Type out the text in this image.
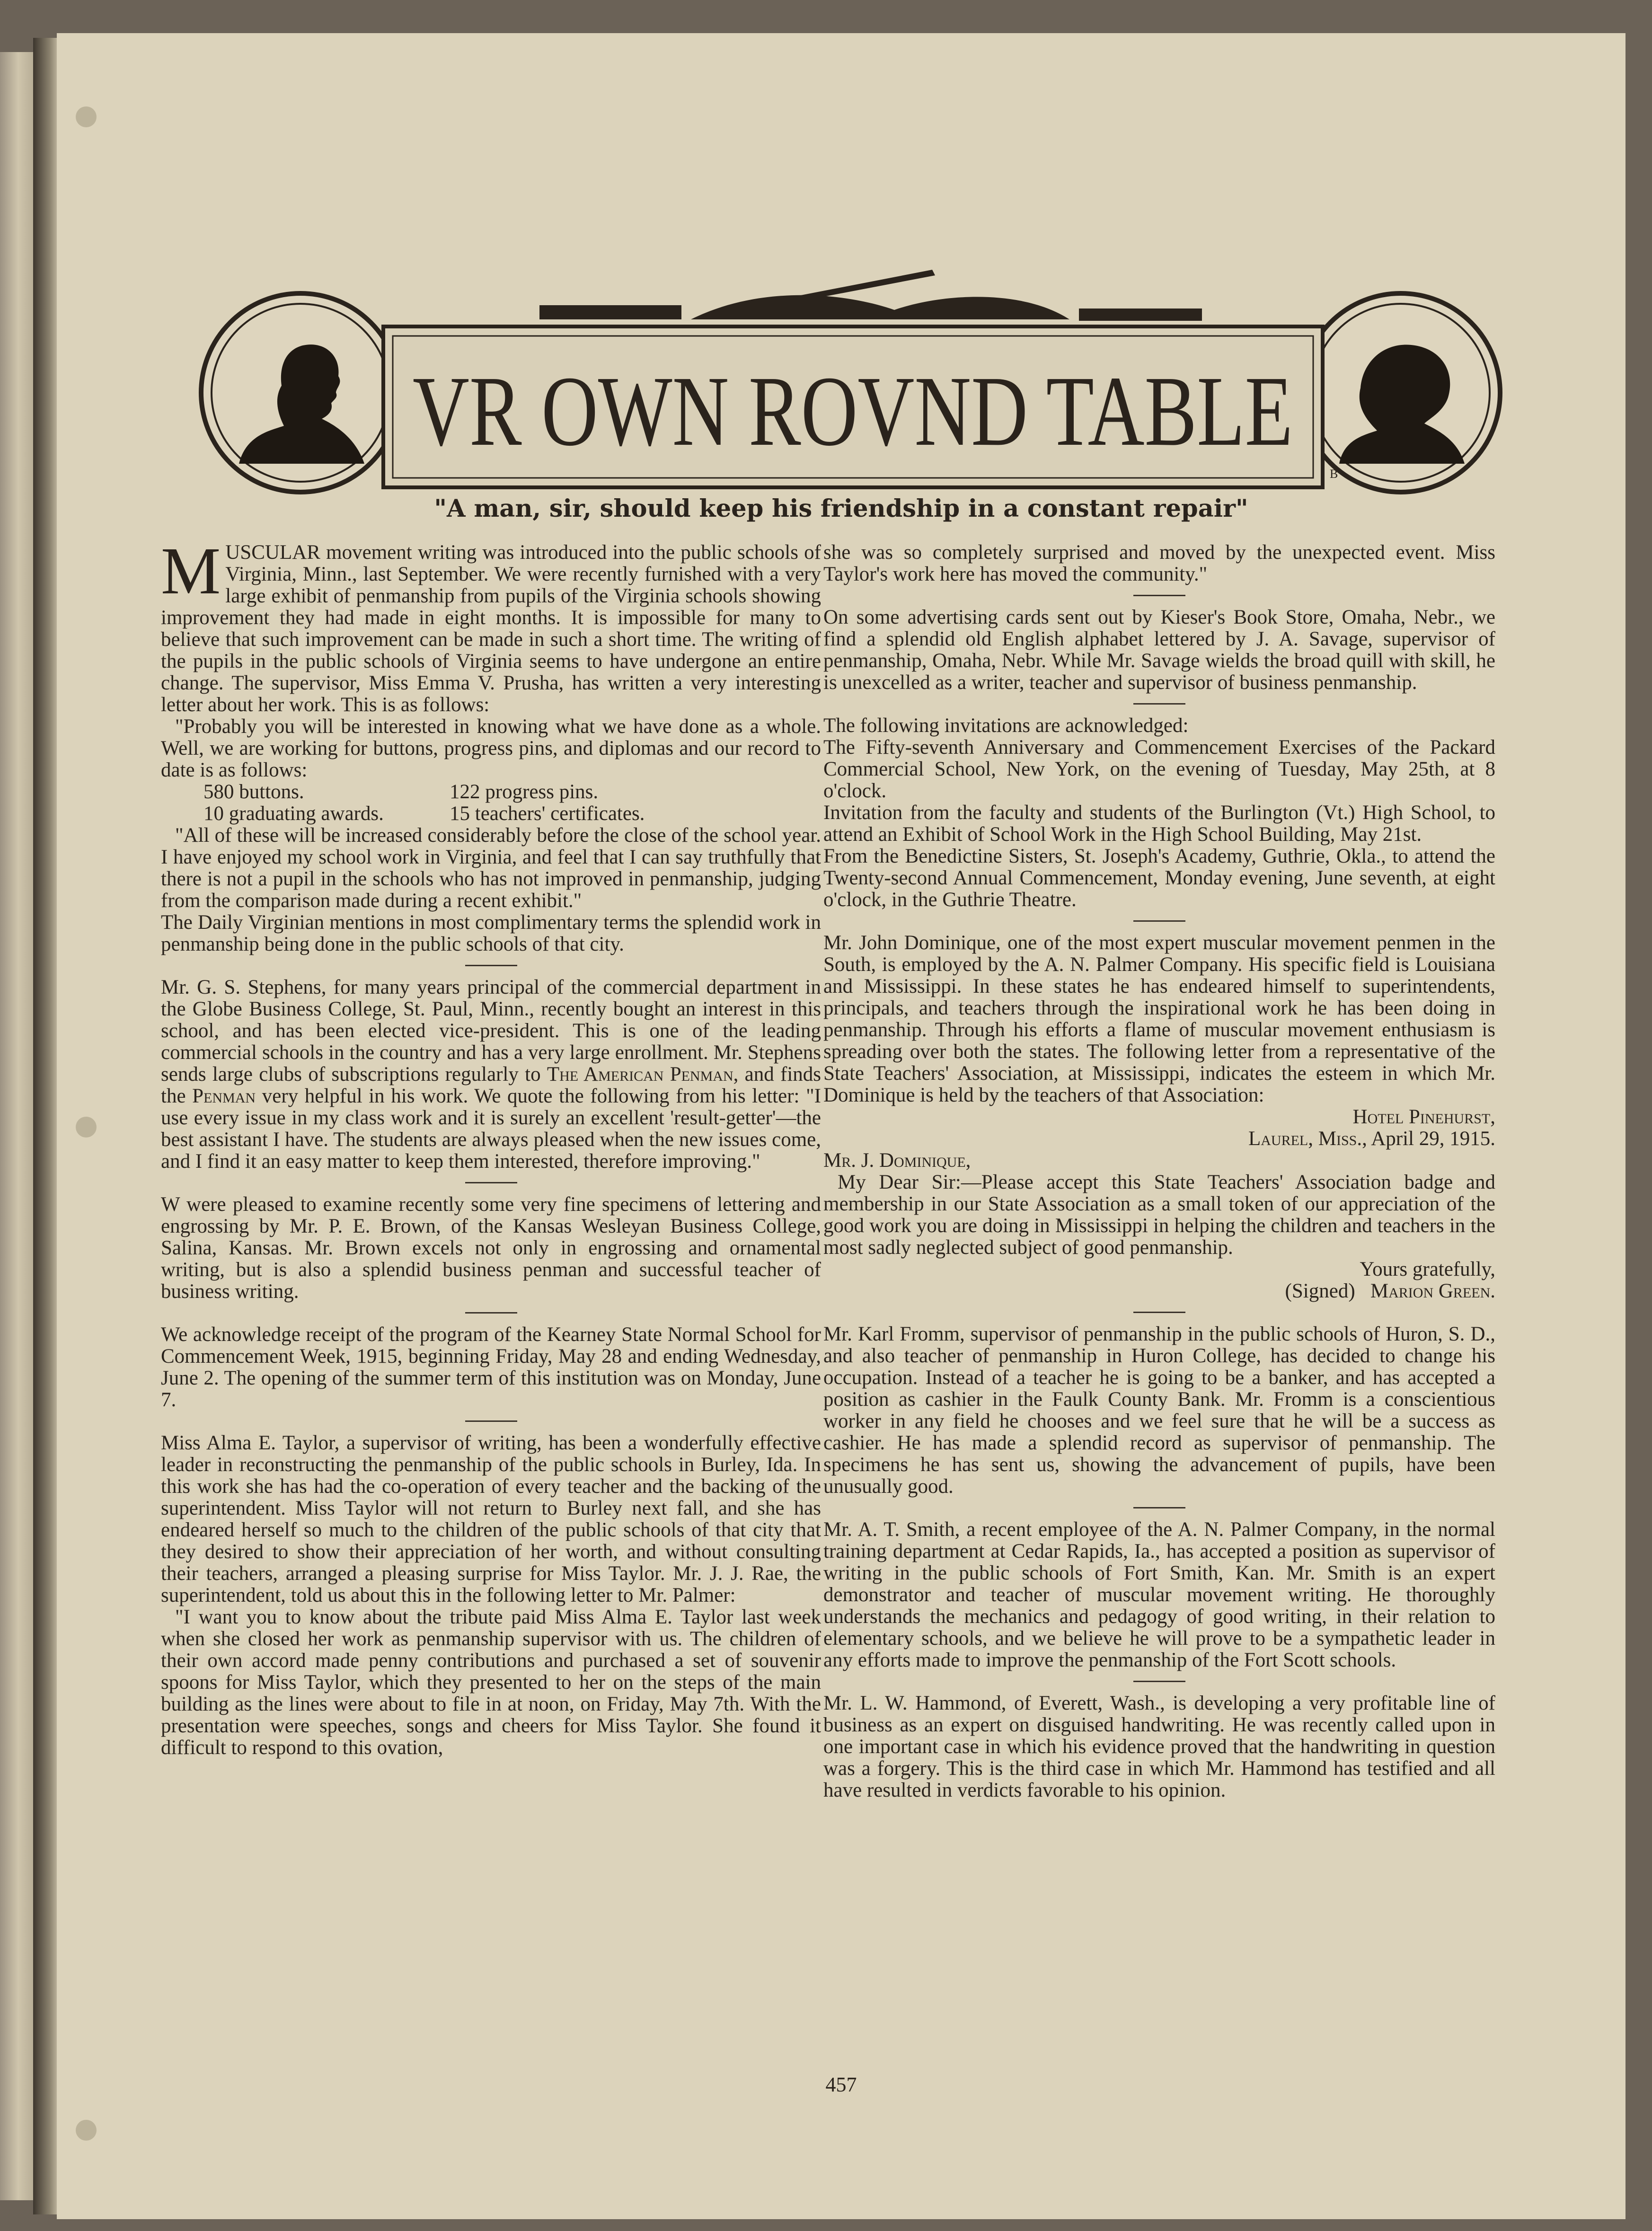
VR OWN ROVND TABLE
B
"A man, sir, should keep his friendship in a constant repair"

MUSCULAR movement writing was introduced into the public schools of Virginia, Minn., last September. We were recently furnished with a very large exhibit of penmanship from pupils of the Virginia schools showing improvement they had made in eight months. It is impossible for many to believe that such improvement can be made in such a short time. The writing of the pupils in the public schools of Virginia seems to have undergone an entire change. The supervisor, Miss Emma V. Prusha, has written a very interesting letter about her work. This is as follows:

"Probably you will be interested in knowing what we have done as a whole. Well, we are working for buttons, progress pins, and diplomas and our record to date is as follows:

580 buttons.	122 progress pins.
10 graduating awards.	15 teachers' certificates.

"All of these will be increased considerably before the close of the school year. I have enjoyed my school work in Virginia, and feel that I can say truthfully that there is not a pupil in the schools who has not improved in penmanship, judging from the comparison made during a recent exhibit."

The Daily Virginian mentions in most complimentary terms the splendid work in penmanship being done in the public schools of that city.

Mr. G. S. Stephens, for many years principal of the commercial department in the Globe Business College, St. Paul, Minn., recently bought an interest in this school, and has been elected vice-president. This is one of the leading commercial schools in the country and has a very large enrollment. Mr. Stephens sends large clubs of subscriptions regularly to The American Penman, and finds the Penman very helpful in his work. We quote the following from his letter: "I use every issue in my class work and it is surely an excellent 'result-getter'—the best assistant I have. The students are always pleased when the new issues come, and I find it an easy matter to keep them interested, therefore improving."

W were pleased to examine recently some very fine specimens of lettering and engrossing by Mr. P. E. Brown, of the Kansas Wesleyan Business College, Salina, Kansas. Mr. Brown excels not only in engrossing and ornamental writing, but is also a splendid business penman and successful teacher of business writing.

We acknowledge receipt of the program of the Kearney State Normal School for Commencement Week, 1915, beginning Friday, May 28 and ending Wednesday, June 2. The opening of the summer term of this institution was on Monday, June 7.

Miss Alma E. Taylor, a supervisor of writing, has been a wonderfully effective leader in reconstructing the penmanship of the public schools in Burley, Ida. In this work she has had the co-operation of every teacher and the backing of the superintendent. Miss Taylor will not return to Burley next fall, and she has endeared herself so much to the children of the public schools of that city that they desired to show their appreciation of her worth, and without consulting their teachers, arranged a pleasing surprise for Miss Taylor. Mr. J. J. Rae, the superintendent, told us about this in the following letter to Mr. Palmer:

"I want you to know about the tribute paid Miss Alma E. Taylor last week when she closed her work as penmanship supervisor with us. The children of their own accord made penny contributions and purchased a set of souvenir spoons for Miss Taylor, which they presented to her on the steps of the main building as the lines were about to file in at noon, on Friday, May 7th. With the presentation were speeches, songs and cheers for Miss Taylor. She found it difficult to respond to this ovation,

she was so completely surprised and moved by the unexpected event. Miss Taylor's work here has moved the community."

On some advertising cards sent out by Kieser's Book Store, Omaha, Nebr., we find a splendid old English alphabet lettered by J. A. Savage, supervisor of penmanship, Omaha, Nebr. While Mr. Savage wields the broad quill with skill, he is unexcelled as a writer, teacher and supervisor of business penmanship.

The following invitations are acknowledged:

The Fifty-seventh Anniversary and Commencement Exercises of the Packard Commercial School, New York, on the evening of Tuesday, May 25th, at 8 o'clock.

Invitation from the faculty and students of the Burlington (Vt.) High School, to attend an Exhibit of School Work in the High School Building, May 21st.

From the Benedictine Sisters, St. Joseph's Academy, Guthrie, Okla., to attend the Twenty-second Annual Commencement, Monday evening, June seventh, at eight o'clock, in the Guthrie Theatre.

Mr. John Dominique, one of the most expert muscular movement penmen in the South, is employed by the A. N. Palmer Company. His specific field is Louisiana and Mississippi. In these states he has endeared himself to superintendents, principals, and teachers through the inspirational work he has been doing in penmanship. Through his efforts a flame of muscular movement enthusiasm is spreading over both the states. The following letter from a representative of the State Teachers' Association, at Mississippi, indicates the esteem in which Mr. Dominique is held by the teachers of that Association:

Hotel Pinehurst,

Laurel, Miss., April 29, 1915.

Mr. J. Dominique,

My Dear Sir:—Please accept this State Teachers' Association badge and membership in our State Association as a small token of our appreciation of the good work you are doing in Mississippi in helping the children and teachers in the most sadly neglected subject of good penmanship.

Yours gratefully,

(Signed) Marion Green.

Mr. Karl Fromm, supervisor of penmanship in the public schools of Huron, S. D., and also teacher of penmanship in Huron College, has decided to change his occupation. Instead of a teacher he is going to be a banker, and has accepted a position as cashier in the Faulk County Bank. Mr. Fromm is a conscientious worker in any field he chooses and we feel sure that he will be a success as cashier. He has made a splendid record as supervisor of penmanship. The specimens he has sent us, showing the advancement of pupils, have been unusually good.

Mr. A. T. Smith, a recent employee of the A. N. Palmer Company, in the normal training department at Cedar Rapids, Ia., has accepted a position as supervisor of writing in the public schools of Fort Smith, Kan. Mr. Smith is an expert demonstrator and teacher of muscular movement writing. He thoroughly understands the mechanics and pedagogy of good writing, in their relation to elementary schools, and we believe he will prove to be a sympathetic leader in any efforts made to improve the penmanship of the Fort Scott schools.

Mr. L. W. Hammond, of Everett, Wash., is developing a very profitable line of business as an expert on disguised handwriting. He was recently called upon in one important case in which his evidence proved that the handwriting in question was a forgery. This is the third case in which Mr. Hammond has testified and all have resulted in verdicts favorable to his opinion.

457
